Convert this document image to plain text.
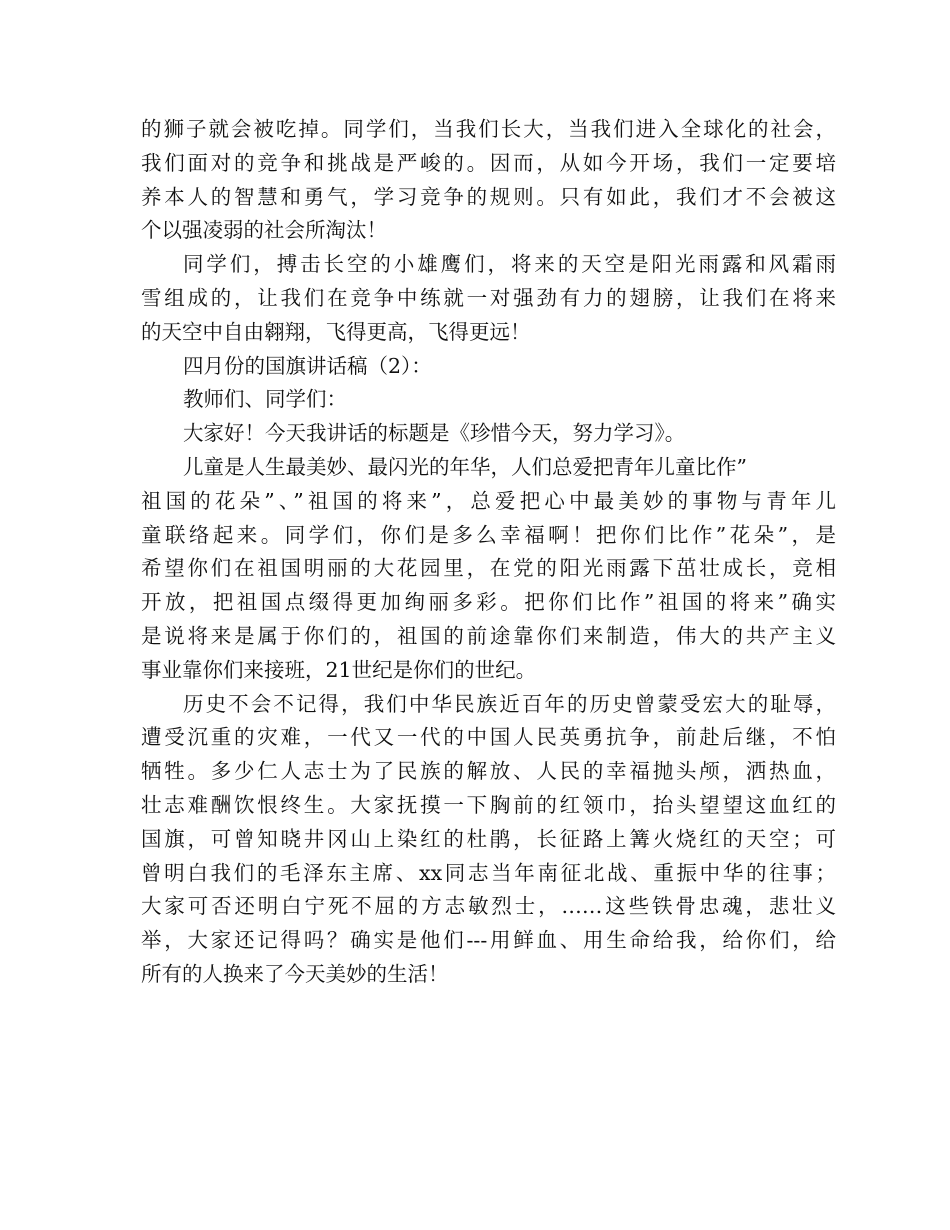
的狮子就会被吃掉。同学们，当我们长大，当我们进入全球化的社会，
我们面对的竞争和挑战是严峻的。因而，从如今开场，我们一定要培
养本人的智慧和勇气，学习竞争的规则。只有如此，我们才不会被这
个以强凌弱的社会所淘汰！
同学们，搏击长空的小雄鹰们，将来的天空是阳光雨露和风霜雨
雪组成的，让我们在竞争中练就一对强劲有力的翅膀，让我们在将来
的天空中自由翱翔，飞得更高，飞得更远！
四月份的国旗讲话稿（2）：
教师们、同学们：
大家好！今天我讲话的标题是《珍惜今天，努力学习》。
儿童是人生最美妙、最闪光的年华，人们总爱把青年儿童比作”
祖国的花朵”、”祖国的将来”，总爱把心中最美妙的事物与青年儿
童联络起来。同学们，你们是多么幸福啊！把你们比作”花朵”，是
希望你们在祖国明丽的大花园里，在党的阳光雨露下茁壮成长，竞相
开放，把祖国点缀得更加绚丽多彩。把你们比作”祖国的将来”确实
是说将来是属于你们的，祖国的前途靠你们来制造，伟大的共产主义
事业靠你们来接班，21世纪是你们的世纪。
历史不会不记得，我们中华民族近百年的历史曾蒙受宏大的耻辱，
遭受沉重的灾难，一代又一代的中国人民英勇抗争，前赴后继，不怕
牺牲。多少仁人志士为了民族的解放、人民的幸福抛头颅，洒热血，
壮志难酬饮恨终生。大家抚摸一下胸前的红领巾，抬头望望这血红的
国旗，可曾知晓井冈山上染红的杜鹃，长征路上篝火烧红的天空；可
曾明白我们的毛泽东主席、xx同志当年南征北战、重振中华的往事；
大家可否还明白宁死不屈的方志敏烈士，……这些铁骨忠魂，悲壮义
举，大家还记得吗？确实是他们---用鲜血、用生命给我，给你们，给
所有的人换来了今天美妙的生活！
